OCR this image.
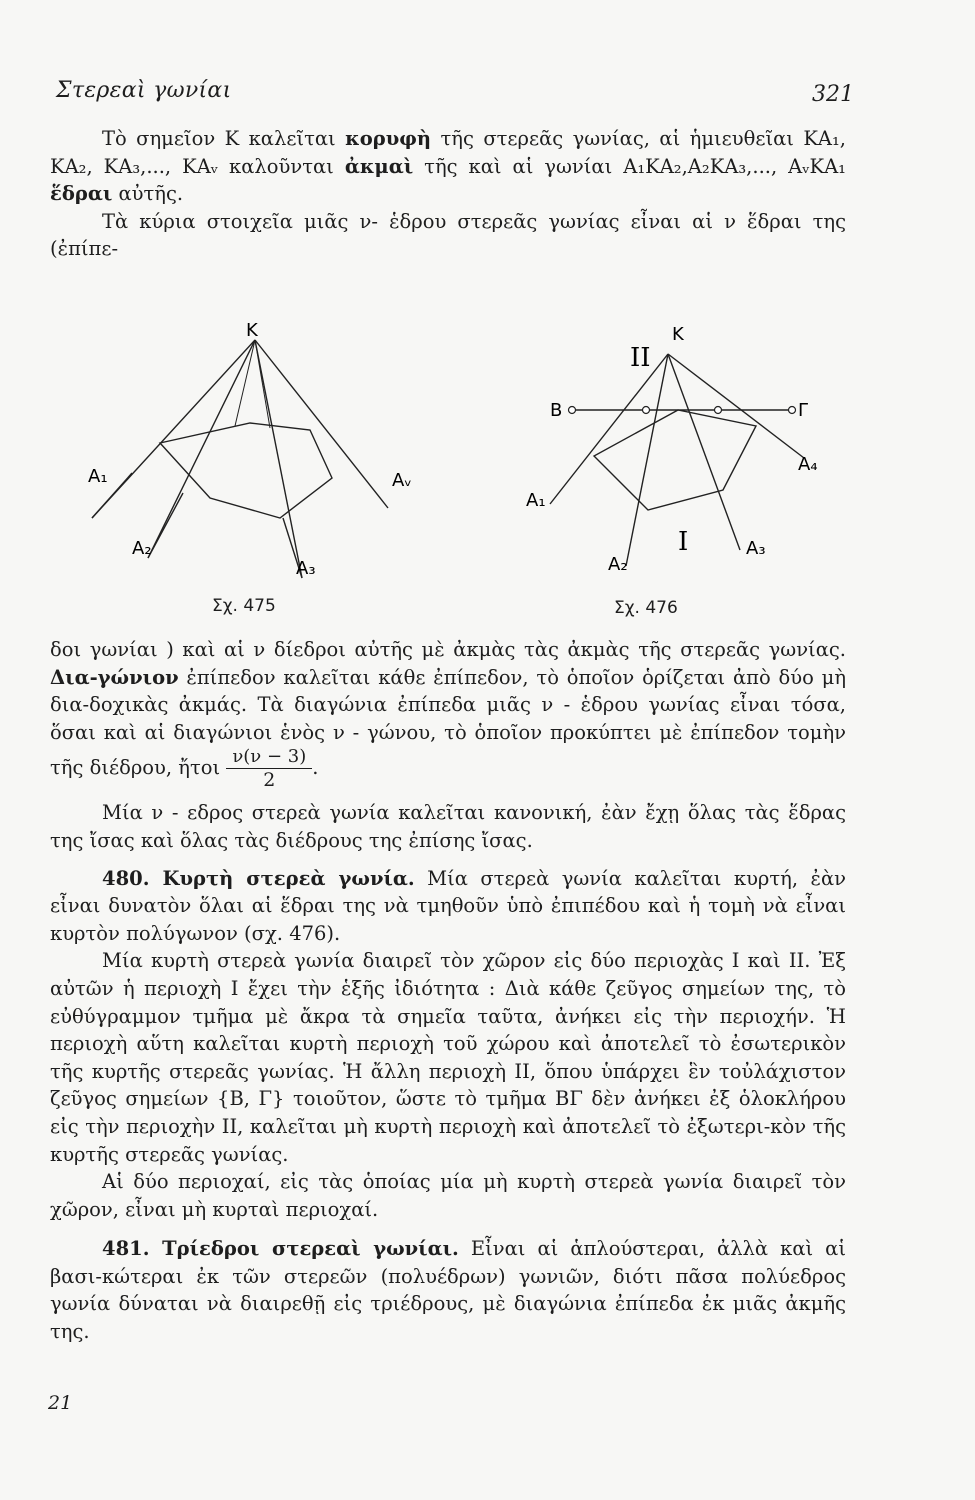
Στερεαὶ γωνίαι	321

Τὸ σημεῖον Κ καλεῖται κορυφὴ τῆς στερεᾶς γωνίας, αἱ ἡμιευθεῖαι ΚΑ₁, ΚΑ₂, ΚΑ₃,..., ΚΑᵥ καλοῦνται ἀκμαὶ τῆς καὶ αἱ γωνίαι Α₁ΚΑ₂,Α₂ΚΑ₃,..., ΑᵥΚΑ₁ ἕδραι αὐτῆς.

Τὰ κύρια στοιχεῖα μιᾶς ν- ἑδρου στερεᾶς γωνίας εἶναι αἱ ν ἕδραι της (ἐπίπε-

K
A₁
A₂
A₃
Aᵥ
Σχ. 475
K
II
B	Γ
A₄
A₁
I	A₃
A₂
Σχ. 476

δοι γωνίαι ) καὶ αἱ ν δίεδροι αὐτῆς μὲ ἀκμὰς τὰς ἀκμὰς τῆς στερεᾶς γωνίας. Δια-γώνιον ἐπίπεδον καλεῖται κάθε ἐπίπεδον, τὸ ὁποῖον ὁρίζεται ἀπὸ δύο μὴ δια-δοχικὰς ἀκμάς. Τὰ διαγώνια ἐπίπεδα μιᾶς ν - ἑδρου γωνίας εἶναι τόσα, ὅσαι καὶ αἱ διαγώνιοι ἑνὸς ν - γώνου, τὸ ὁποῖον προκύπτει μὲ ἐπίπεδον τομὴν τῆς διέδρου, ἤτοι $\frac{\nu(\nu - 3)}{2}$ .

Μία ν - εδρος στερεὰ γωνία καλεῖται κανονική, ἐὰν ἔχῃ ὅλας τὰς ἕδρας της ἴσας καὶ ὅλας τὰς διέδρους της ἐπίσης ἴσας.

480. Κυρτὴ στερεὰ γωνία. Μία στερεὰ γωνία καλεῖται κυρτή, ἐὰν εἶναι δυνατὸν ὅλαι αἱ ἕδραι της νὰ τμηθοῦν ὑπὸ ἐπιπέδου καὶ ἡ τομὴ νὰ εἶναι κυρτὸν πολύγωνον (σχ. 476).

Μία κυρτὴ στερεὰ γωνία διαιρεῖ τὸν χῶρον εἰς δύο περιοχὰς Ι καὶ ΙΙ. Ἐξ αὐτῶν ἡ περιοχὴ Ι ἔχει τὴν ἑξῆς ἰδιότητα : Διὰ κάθε ζεῦγος σημείων της, τὸ εὐθύγραμμον τμῆμα μὲ ἄκρα τὰ σημεῖα ταῦτα, ἀνήκει εἰς τὴν περιοχήν. Ἡ περιοχὴ αὕτη καλεῖται κυρτὴ περιοχὴ τοῦ χώρου καὶ ἀποτελεῖ τὸ ἐσωτερικὸν τῆς κυρτῆς στερεᾶς γωνίας. Ἡ ἄλλη περιοχὴ ΙΙ, ὅπου ὑπάρχει ἓν τοὐλάχιστον ζεῦγος σημείων {Β, Γ} τοιοῦτον, ὥστε τὸ τμῆμα ΒΓ δὲν ἀνήκει ἐξ ὁλοκλήρου εἰς τὴν περιοχὴν ΙΙ, καλεῖται μὴ κυρτὴ περιοχὴ καὶ ἀποτελεῖ τὸ ἐξωτερι-κὸν τῆς κυρτῆς στερεᾶς γωνίας.

Αἱ δύο περιοχαί, εἰς τὰς ὁποίας μία μὴ κυρτὴ στερεὰ γωνία διαιρεῖ τὸν χῶρον, εἶναι μὴ κυρταὶ περιοχαί.

481. Τρίεδροι στερεαὶ γωνίαι. Εἶναι αἱ ἁπλούστεραι, ἀλλὰ καὶ αἱ βασι-κώτεραι ἐκ τῶν στερεῶν (πολυέδρων) γωνιῶν, διότι πᾶσα πολύεδρος γωνία δύναται νὰ διαιρεθῇ εἰς τριέδρους, μὲ διαγώνια ἐπίπεδα ἐκ μιᾶς ἀκμῆς της.

21
